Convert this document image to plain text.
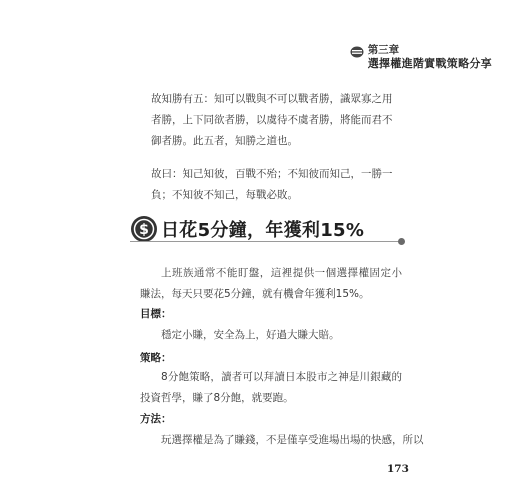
第三章
選擇權進階實戰策略分享
故知勝有五：知可以戰與不可以戰者勝，識眾寡之用
者勝，上下同欲者勝，以虞待不虞者勝，將能而君不
御者勝。此五者，知勝之道也。
故曰：知己知彼，百戰不殆；不知彼而知己，一勝一
負；不知彼不知己，每戰必敗。
$ 日花5分鐘，年獲利15%
上班族通常不能盯盤，這裡提供一個選擇權固定小賺法，每天只要花5分鐘，就有機會年獲利15%。
目標：
穩定小賺，安全為上，好過大賺大賠。
策略：
8分飽策略，讀者可以拜讀日本股市之神是川銀藏的投資哲學，賺了8分飽，就要跑。
方法：
玩選擇權是為了賺錢，不是僅享受進場出場的快感，所以
173
